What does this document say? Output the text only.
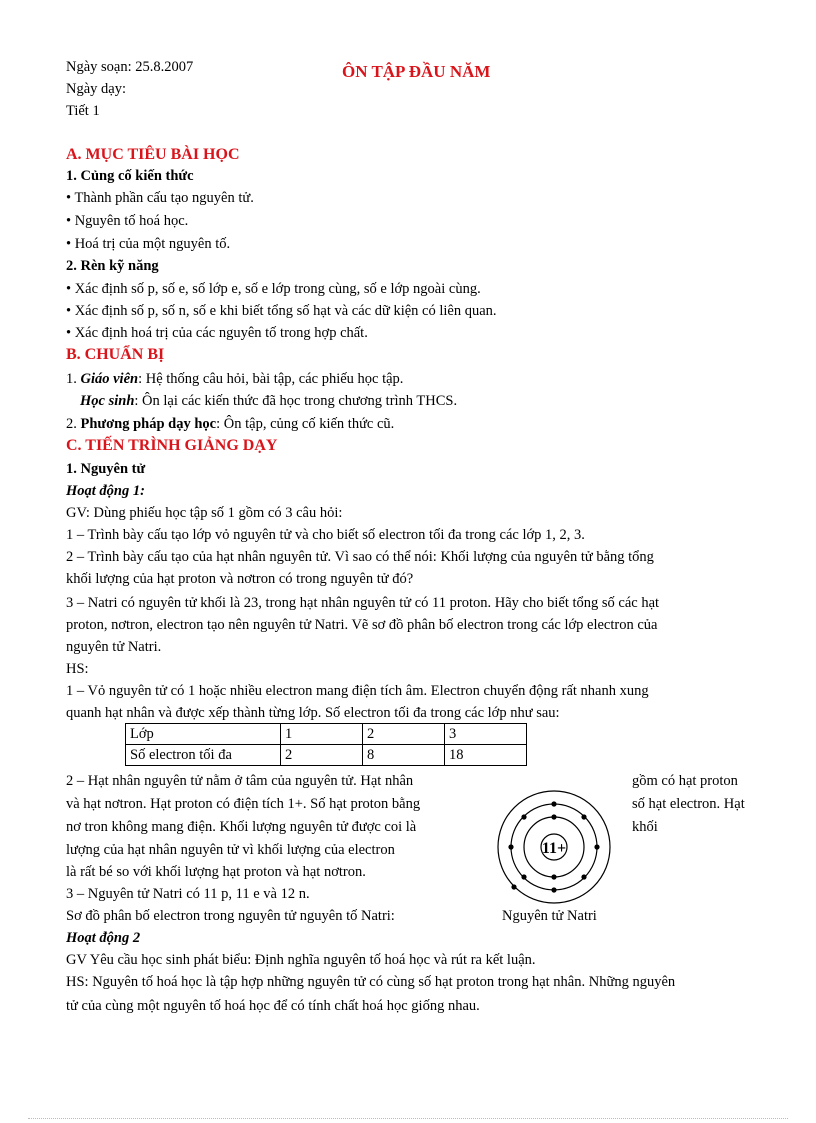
Ngày soạn: 25.8.2007
Ngày dạy:
Tiết 1
ÔN TẬP ĐẦU NĂM
A. MỤC TIÊU BÀI HỌC
1. Củng cố kiến thức
• Thành phần cấu tạo nguyên tử.
• Nguyên tố hoá học.
• Hoá trị của một nguyên tố.
2. Rèn kỹ năng
• Xác định số p, số e, số lớp e, số e lớp trong cùng, số e lớp ngoài cùng.
• Xác định số p, số n, số e khi biết tổng số hạt và các dữ kiện có liên quan.
• Xác định hoá trị của các nguyên tố trong hợp chất.
B. CHUẨN BỊ
1. Giáo viên: Hệ thống câu hỏi, bài tập, các phiếu học tập.
Học sinh: Ôn lại các kiến thức đã học trong chương trình THCS.
2. Phương pháp dạy học: Ôn tập, củng cố kiến thức cũ.
C. TIẾN TRÌNH GIẢNG DẠY
1. Nguyên tử
Hoạt động 1:
GV: Dùng phiếu học tập số 1 gồm có 3 câu hỏi:
1 – Trình bày cấu tạo lớp vỏ nguyên tử và cho biết số electron tối đa trong các lớp 1, 2, 3.
2 – Trình bày cấu tạo của hạt nhân nguyên tử. Vì sao có thể nói: Khối lượng của nguyên tử bằng tổng
khối lượng của hạt proton và nơtron có trong nguyên tử đó?
3 – Natri có nguyên tử khối là 23, trong hạt nhân nguyên tử có 11 proton. Hãy cho biết tổng số các hạt
proton, nơtron, electron tạo nên nguyên tử Natri. Vẽ sơ đồ phân bố electron trong các lớp electron của
nguyên tử Natri.
HS:
1 – Vỏ nguyên tử có 1 hoặc nhiều electron mang điện tích âm. Electron chuyển động rất nhanh xung
quanh hạt nhân và được xếp thành từng lớp. Số electron tối đa trong các lớp như sau:
Lớp	1	2	3
Số electron tối đa	2	8	18
2 – Hạt nhân nguyên tử nằm ở tâm của nguyên tử. Hạt nhân
và hạt nơtron. Hạt proton có điện tích 1+. Số hạt proton bằng
nơ tron không mang điện. Khối lượng nguyên tử được coi là
lượng của hạt nhân nguyên tử vì khối lượng của electron
là rất bé so với khối lượng hạt proton và hạt nơtron.
3 – Nguyên tử Natri có 11 p, 11 e và 12 n.
Sơ đồ phân bố electron trong nguyên tử nguyên tố Natri:
gồm có hạt proton
số hạt electron. Hạt
khối
11+
Nguyên tử Natri
Hoạt động 2
GV Yêu cầu học sinh phát biểu: Định nghĩa nguyên tố hoá học và rút ra kết luận.
HS: Nguyên tố hoá học là tập hợp những nguyên tử có cùng số hạt proton trong hạt nhân. Những nguyên
tử của cùng một nguyên tố hoá học để có tính chất hoá học giống nhau.
